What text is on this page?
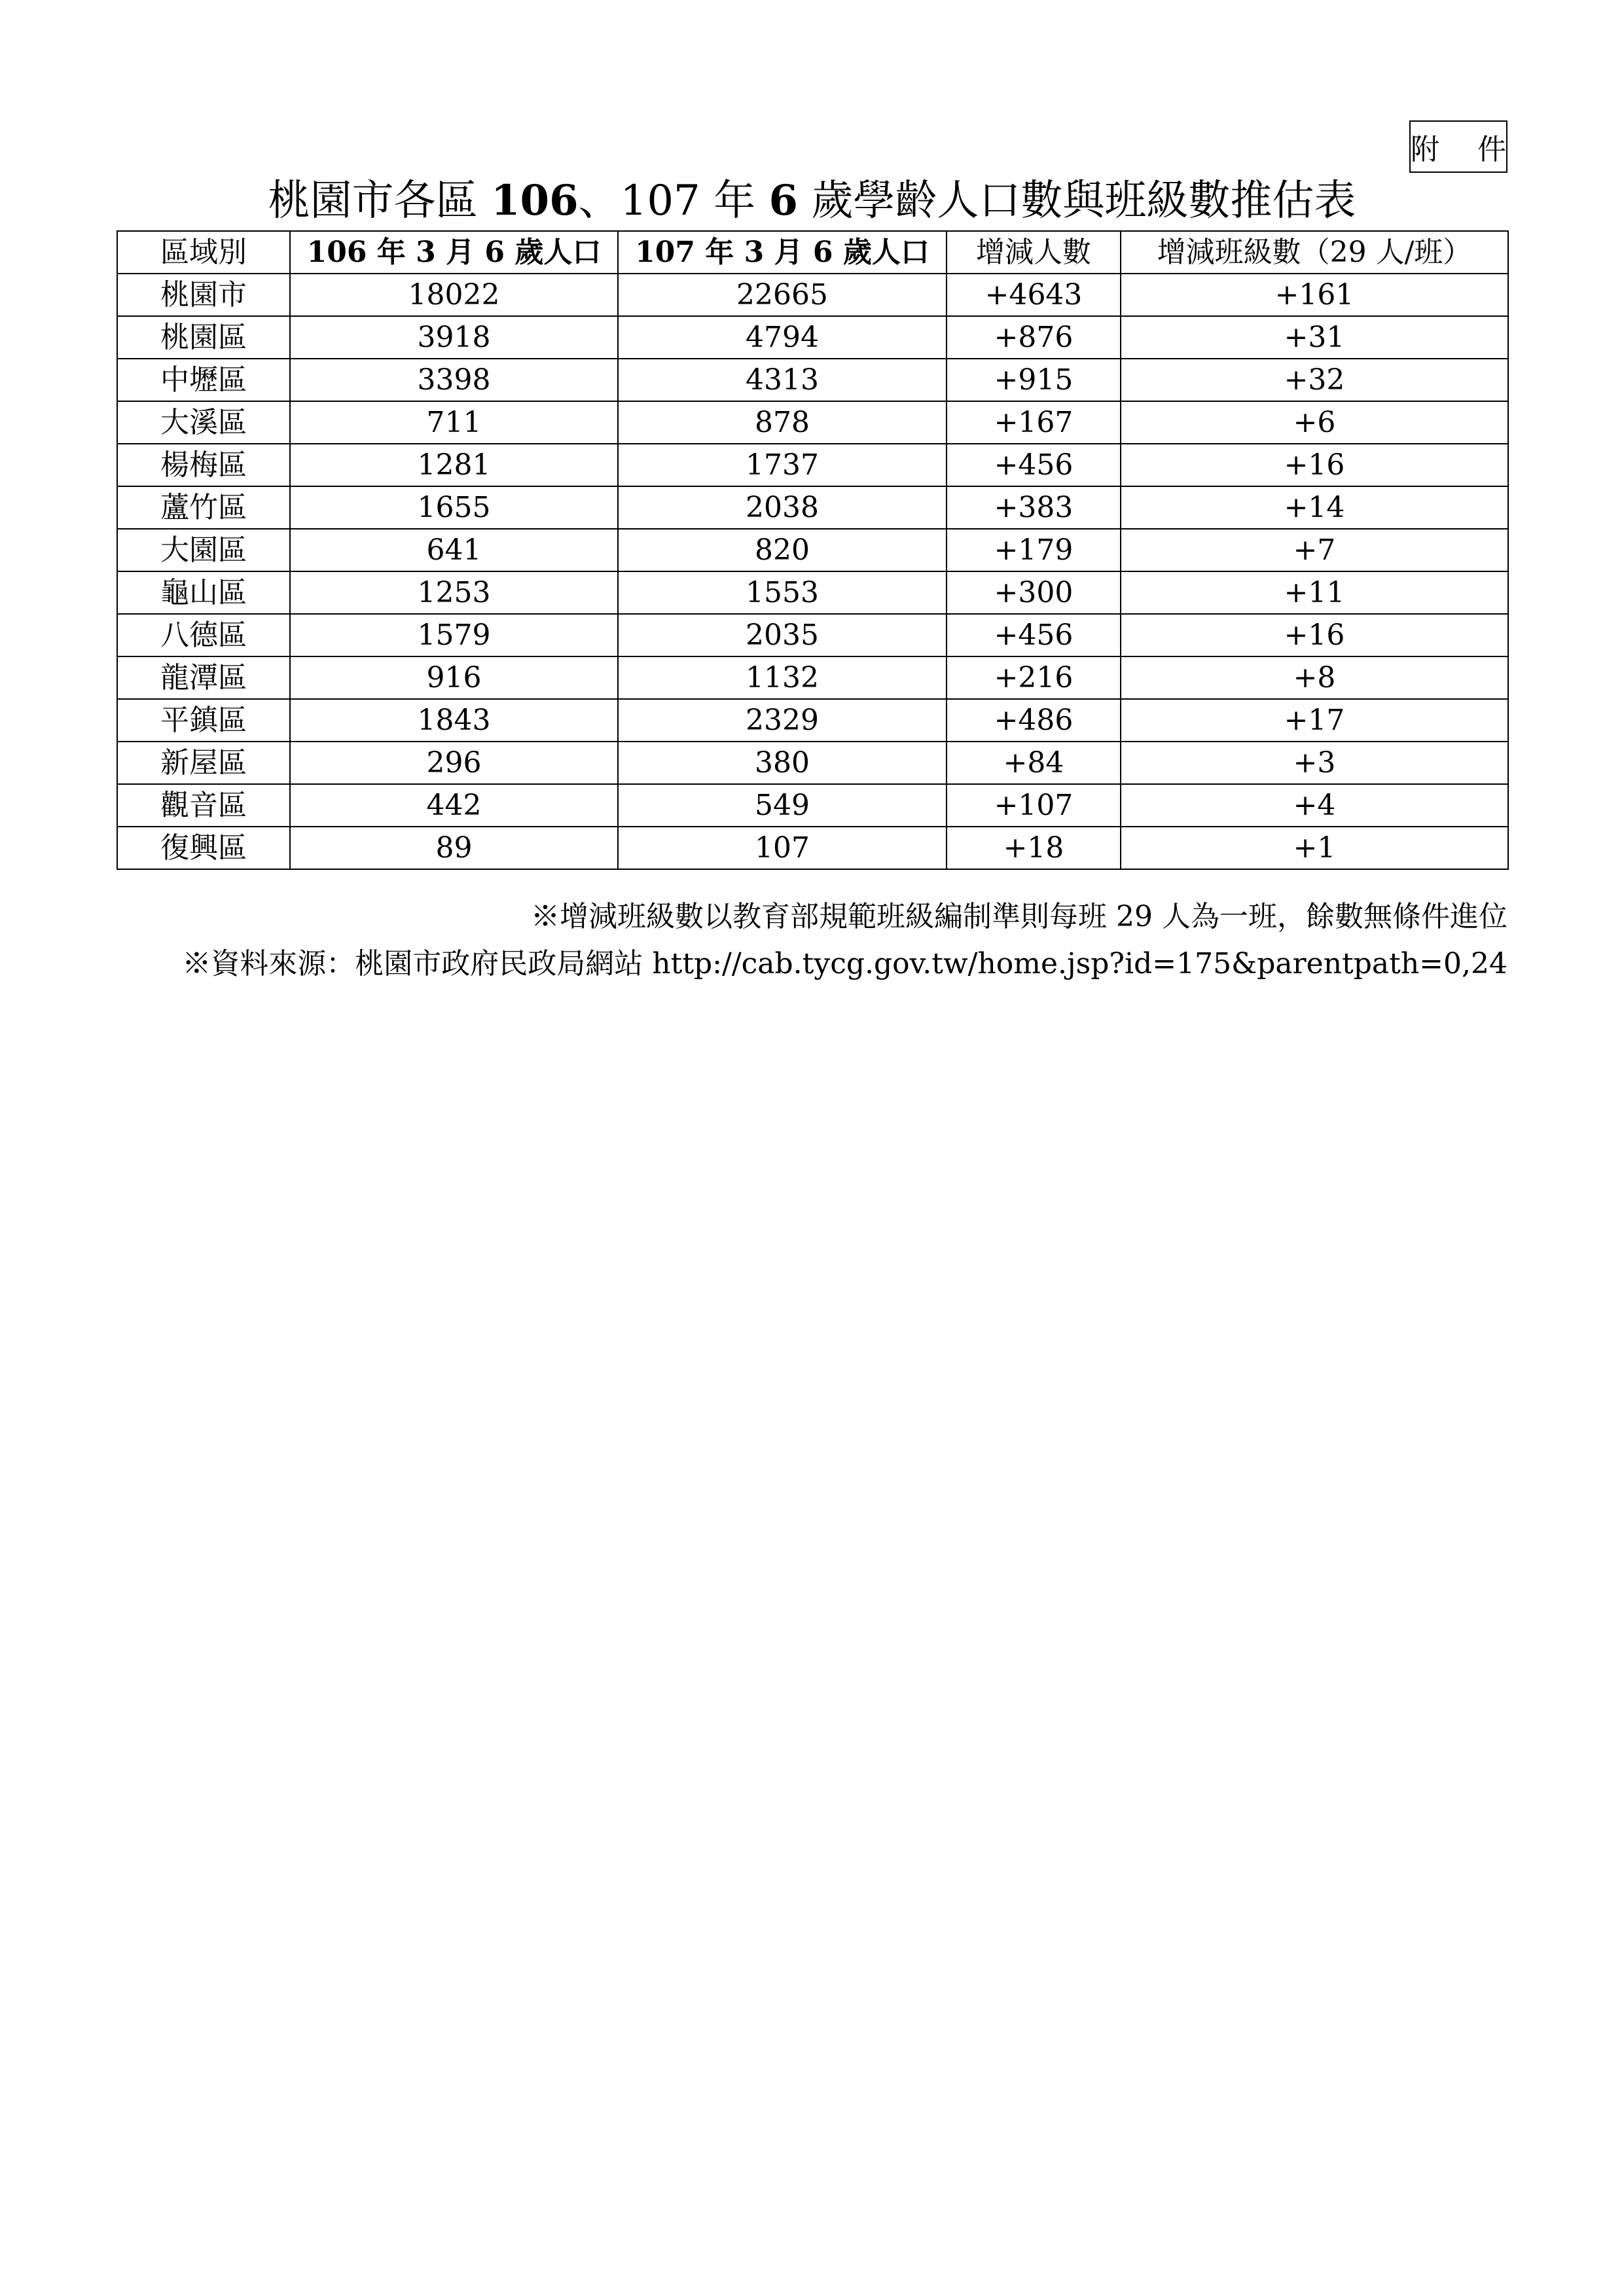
附 件
桃園市各區 106、107 年 6 歲學齡人口數與班級數推估表
區域別	106 年 3 月 6 歲人口	107 年 3 月 6 歲人口	增減人數	增減班級數（29 人/班）
桃園市	18022	22665	+4643	+161
桃園區	3918	4794	+876	+31
中壢區	3398	4313	+915	+32
大溪區	711	878	+167	+6
楊梅區	1281	1737	+456	+16
蘆竹區	1655	2038	+383	+14
大園區	641	820	+179	+7
龜山區	1253	1553	+300	+11
八德區	1579	2035	+456	+16
龍潭區	916	1132	+216	+8
平鎮區	1843	2329	+486	+17
新屋區	296	380	+84	+3
觀音區	442	549	+107	+4
復興區	89	107	+18	+1
※增減班級數以教育部規範班級編制準則每班 29 人為一班，餘數無條件進位
※資料來源：桃園市政府民政局網站 http://cab.tycg.gov.tw/home.jsp?id=175&parentpath=0,24
